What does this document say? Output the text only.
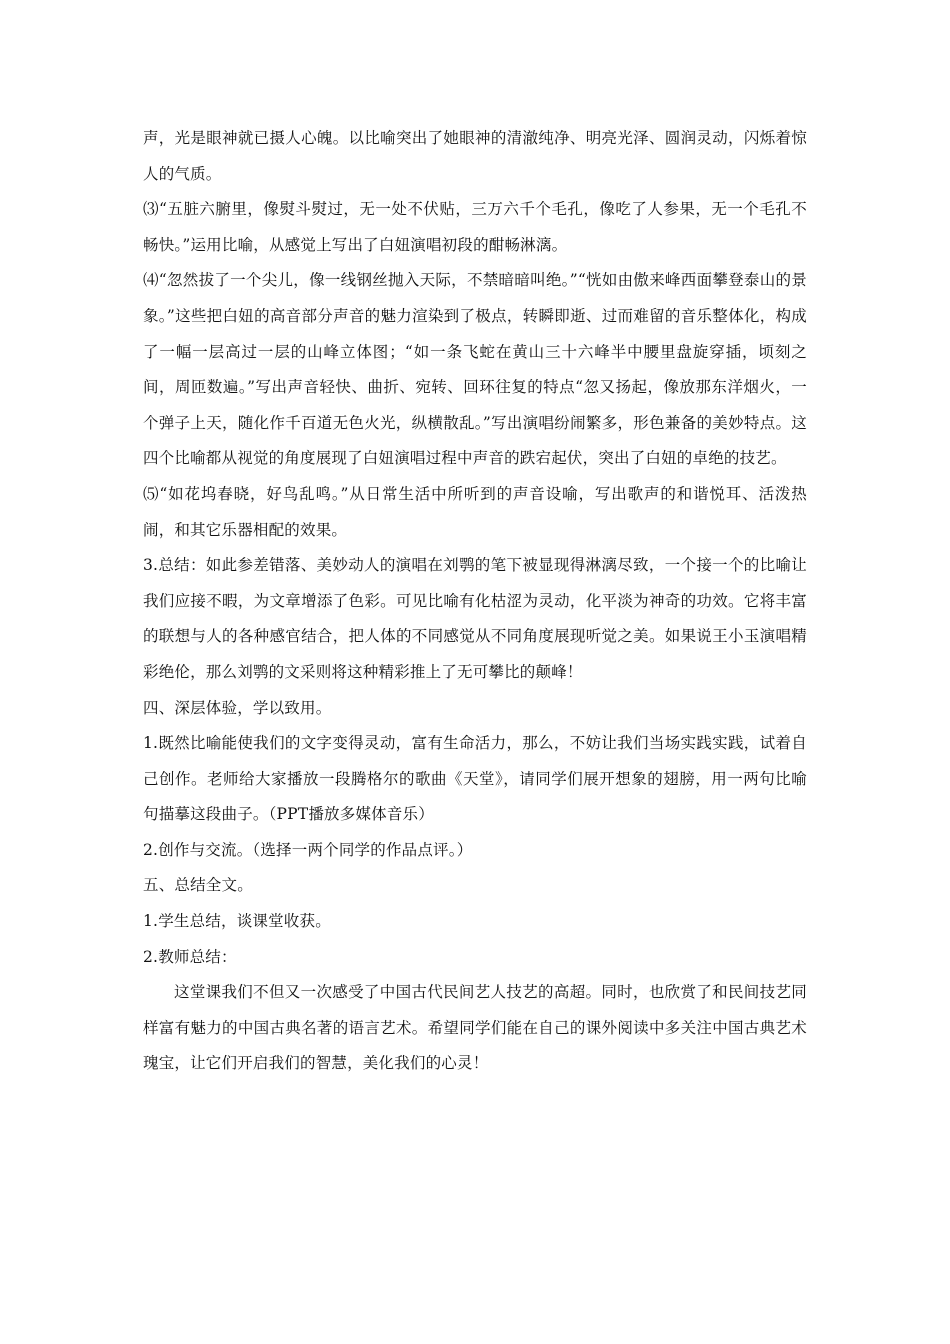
声，光是眼神就已摄人心魄。以比喻突出了她眼神的清澈纯净、明亮光泽、圆润灵动，闪烁着惊人的气质。

⑶“五脏六腑里，像熨斗熨过，无一处不伏贴，三万六千个毛孔，像吃了人参果，无一个毛孔不畅快。”运用比喻，从感觉上写出了白妞演唱初段的酣畅淋漓。

⑷“忽然拔了一个尖儿，像一线钢丝抛入天际，不禁暗暗叫绝。”“恍如由傲来峰西面攀登泰山的景象。”这些把白妞的高音部分声音的魅力渲染到了极点，转瞬即逝、过而难留的音乐整体化，构成了一幅一层高过一层的山峰立体图；“如一条飞蛇在黄山三十六峰半中腰里盘旋穿插，顷刻之间，周匝数遍。”写出声音轻快、曲折、宛转、回环往复的特点“忽又扬起，像放那东洋烟火，一个弹子上天，随化作千百道无色火光，纵横散乱。”写出演唱纷闹繁多，形色兼备的美妙特点。这四个比喻都从视觉的角度展现了白妞演唱过程中声音的跌宕起伏，突出了白妞的卓绝的技艺。

⑸“如花坞春晓，好鸟乱鸣。”从日常生活中所听到的声音设喻，写出歌声的和谐悦耳、活泼热闹，和其它乐器相配的效果。

3.总结：如此参差错落、美妙动人的演唱在刘鹗的笔下被显现得淋漓尽致，一个接一个的比喻让我们应接不暇，为文章增添了色彩。可见比喻有化枯涩为灵动，化平淡为神奇的功效。它将丰富的联想与人的各种感官结合，把人体的不同感觉从不同角度展现听觉之美。如果说王小玉演唱精彩绝伦，那么刘鹗的文采则将这种精彩推上了无可攀比的颠峰！

四、深层体验，学以致用。

1.既然比喻能使我们的文字变得灵动，富有生命活力，那么，不妨让我们当场实践实践，试着自己创作。老师给大家播放一段腾格尔的歌曲《天堂》，请同学们展开想象的翅膀，用一两句比喻句描摹这段曲子。（PPT播放多媒体音乐）

2.创作与交流。（选择一两个同学的作品点评。）

五、总结全文。

1.学生总结，谈课堂收获。

2.教师总结：

这堂课我们不但又一次感受了中国古代民间艺人技艺的高超。同时，也欣赏了和民间技艺同样富有魅力的中国古典名著的语言艺术。希望同学们能在自己的课外阅读中多关注中国古典艺术瑰宝，让它们开启我们的智慧，美化我们的心灵！
